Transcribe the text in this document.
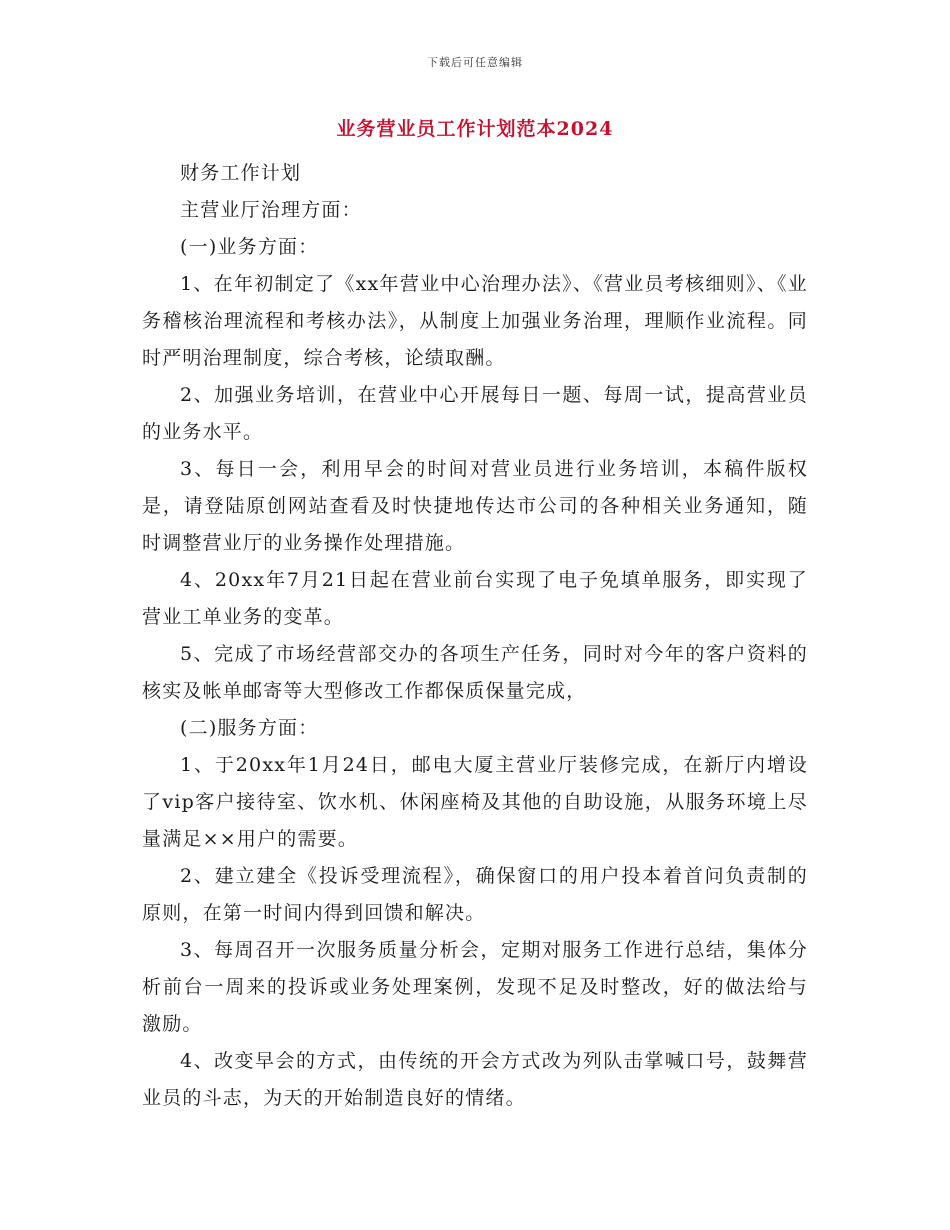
下载后可任意编辑
业务营业员工作计划范本2024

财务工作计划

主营业厅治理方面：

(一)业务方面：

1、在年初制定了《xx年营业中心治理办法》、《营业员考核细则》、《业务稽核治理流程和考核办法》，从制度上加强业务治理，理顺作业流程。同时严明治理制度，综合考核，论绩取酬。

2、加强业务培训，在营业中心开展每日一题、每周一试，提高营业员的业务水平。

3、每日一会，利用早会的时间对营业员进行业务培训，本稿件版权是，请登陆原创网站查看及时快捷地传达市公司的各种相关业务通知，随时调整营业厅的业务操作处理措施。

4、20xx年7月21日起在营业前台实现了电子免填单服务，即实现了营业工单业务的变革。

5、完成了市场经营部交办的各项生产任务，同时对今年的客户资料的核实及帐单邮寄等大型修改工作都保质保量完成，

(二)服务方面：

1、于20xx年1月24日，邮电大厦主营业厅装修完成，在新厅内增设了vip客户接待室、饮水机、休闲座椅及其他的自助设施，从服务环境上尽量满足××用户的需要。

2、建立建全《投诉受理流程》，确保窗口的用户投本着首问负责制的原则，在第一时间内得到回馈和解决。

3、每周召开一次服务质量分析会，定期对服务工作进行总结，集体分析前台一周来的投诉或业务处理案例，发现不足及时整改，好的做法给与激励。

4、改变早会的方式，由传统的开会方式改为列队击掌喊口号，鼓舞营业员的斗志，为天的开始制造良好的情绪。
